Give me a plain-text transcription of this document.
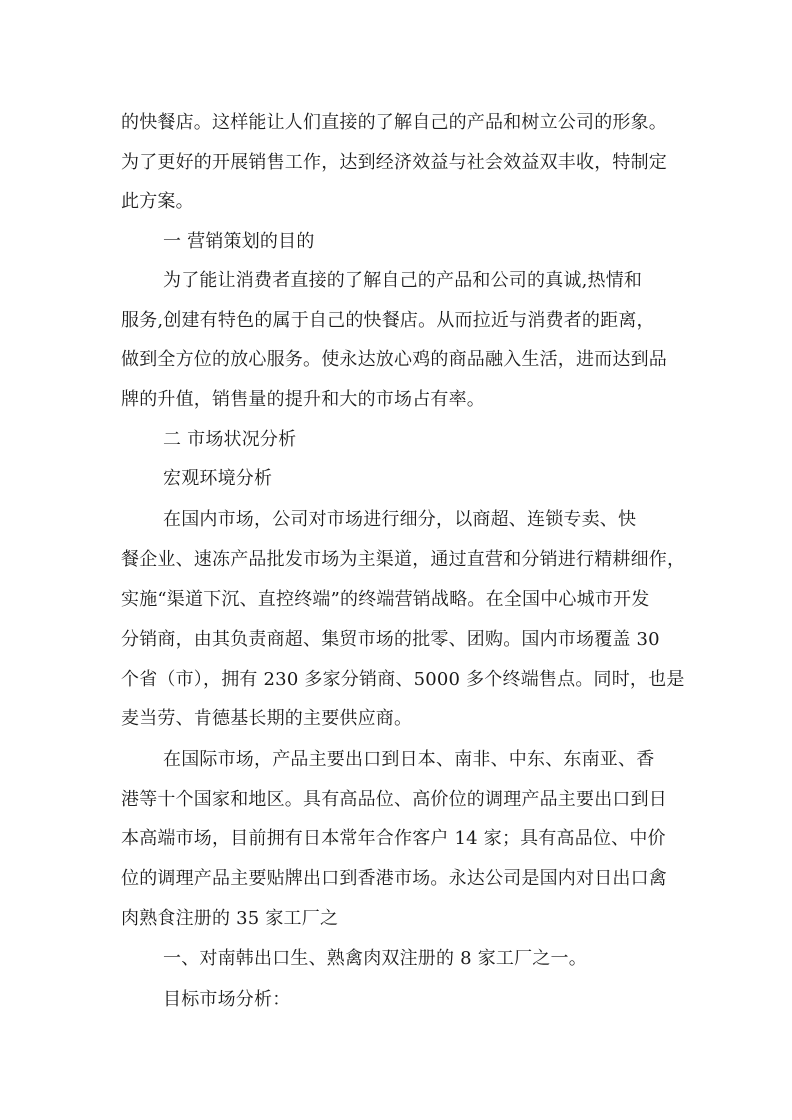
的快餐店。这样能让人们直接的了解自己的产品和树立公司的形象。
为了更好的开展销售工作，达到经济效益与社会效益双丰收，特制定
此方案。
一 营销策划的目的
为了能让消费者直接的了解自己的产品和公司的真诚,热情和
服务,创建有特色的属于自己的快餐店。从而拉近与消费者的距离，
做到全方位的放心服务。使永达放心鸡的商品融入生活，进而达到品
牌的升值，销售量的提升和大的市场占有率。
二 市场状况分析
宏观环境分析
在国内市场，公司对市场进行细分，以商超、连锁专卖、快
餐企业、速冻产品批发市场为主渠道，通过直营和分销进行精耕细作，
实施“渠道下沉、直控终端”的终端营销战略。在全国中心城市开发
分销商，由其负责商超、集贸市场的批零、团购。国内市场覆盖 30
个省（市），拥有 230 多家分销商、5000 多个终端售点。同时，也是
麦当劳、肯德基长期的主要供应商。
在国际市场，产品主要出口到日本、南非、中东、东南亚、香
港等十个国家和地区。具有高品位、高价位的调理产品主要出口到日
本高端市场，目前拥有日本常年合作客户 14 家；具有高品位、中价
位的调理产品主要贴牌出口到香港市场。永达公司是国内对日出口禽
肉熟食注册的 35 家工厂之
一、对南韩出口生、熟禽肉双注册的 8 家工厂之一。
目标市场分析：
